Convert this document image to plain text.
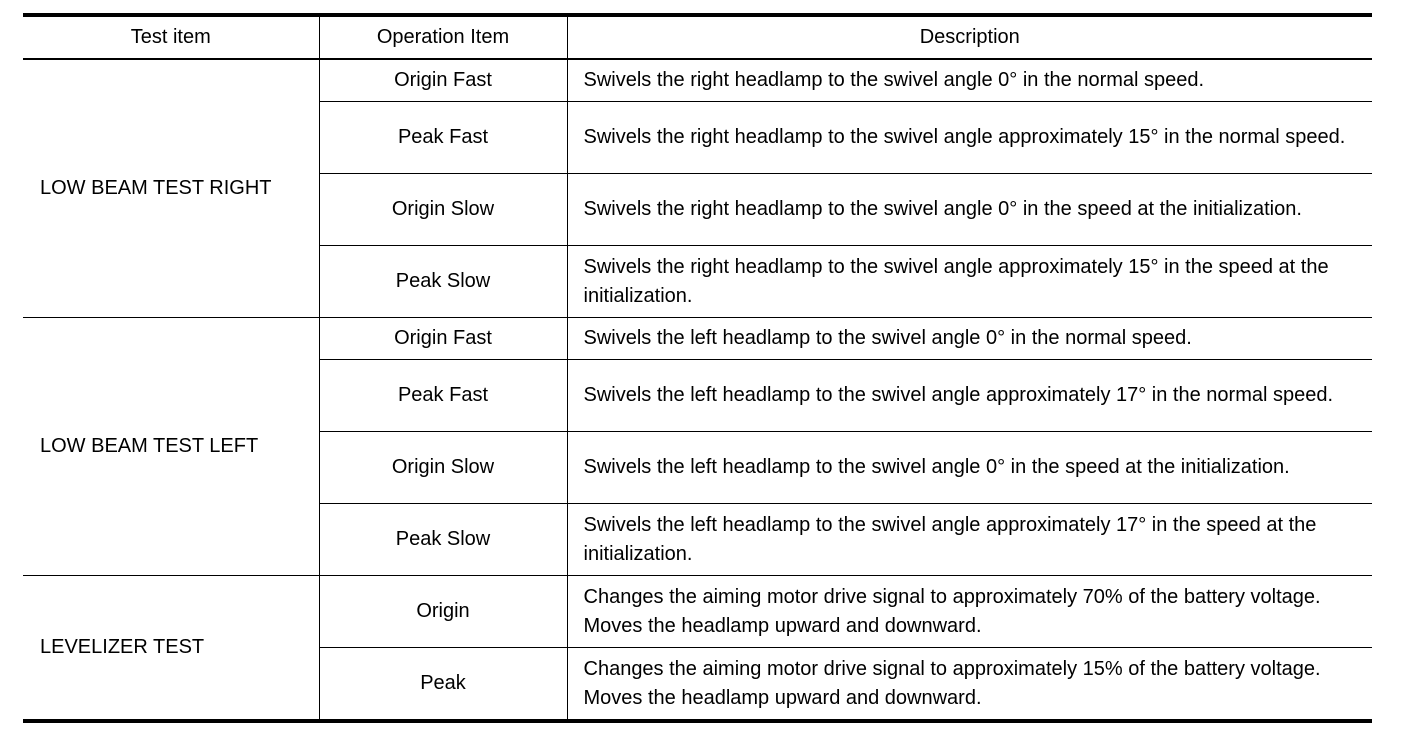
Test item	Operation Item	Description
LOW BEAM TEST RIGHT	Origin Fast	Swivels the right headlamp to the swivel angle 0° in the normal speed.
	Peak Fast	Swivels the right headlamp to the swivel angle approximately 15° in the normal speed.
	Origin Slow	Swivels the right headlamp to the swivel angle 0° in the speed at the initialization.
	Peak Slow	Swivels the right headlamp to the swivel angle approximately 15° in the speed at the initialization.
LOW BEAM TEST LEFT	Origin Fast	Swivels the left headlamp to the swivel angle 0° in the normal speed.
	Peak Fast	Swivels the left headlamp to the swivel angle approximately 17° in the normal speed.
	Origin Slow	Swivels the left headlamp to the swivel angle 0° in the speed at the initialization.
	Peak Slow	Swivels the left headlamp to the swivel angle approximately 17° in the speed at the initialization.
LEVELIZER TEST	Origin	Changes the aiming motor drive signal to approximately 70% of the battery voltage. Moves the headlamp upward and downward.
	Peak	Changes the aiming motor drive signal to approximately 15% of the battery voltage. Moves the headlamp upward and downward.
